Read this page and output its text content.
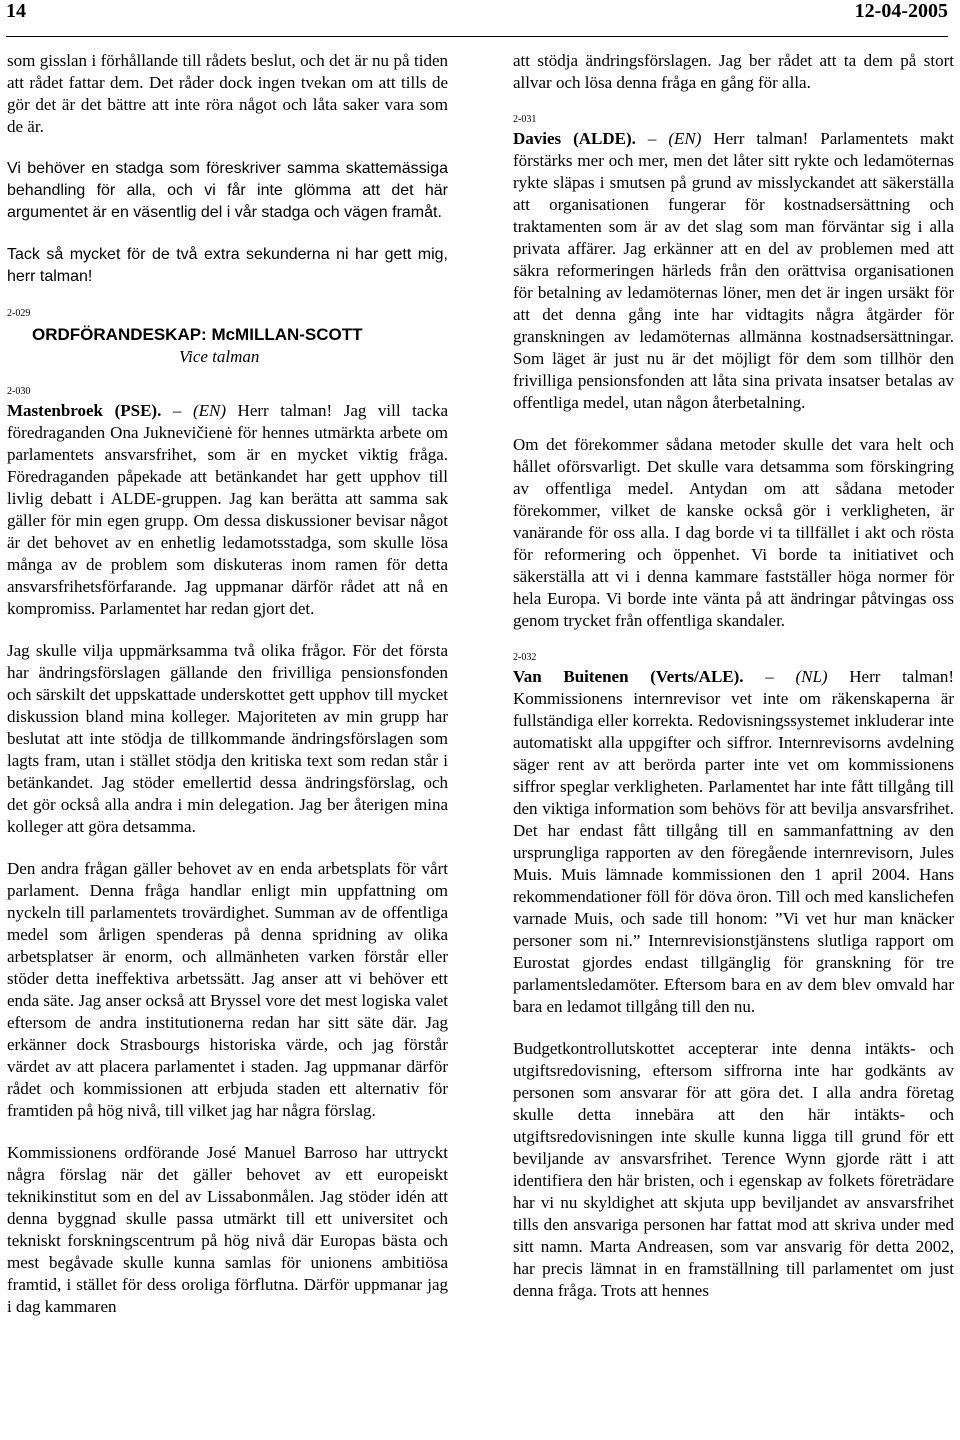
14	12-04-2005

som gisslan i förhållande till rådets beslut, och det är nu på tiden att rådet fattar dem. Det råder dock ingen tvekan om att tills de gör det är det bättre att inte röra något och låta saker vara som de är.

Vi behöver en stadga som föreskriver samma skattemässiga behandling för alla, och vi får inte glömma att det här argumentet är en väsentlig del i vår stadga och vägen framåt.

Tack så mycket för de två extra sekunderna ni har gett mig, herr talman!

2-029
ORDFÖRANDESKAP: McMILLAN-SCOTT
Vice talman
2-030

Mastenbroek (PSE). – (EN) Herr talman! Jag vill tacka föredraganden Ona Juknevičienė för hennes utmärkta arbete om parlamentets ansvarsfrihet, som är en mycket viktig fråga. Föredraganden påpekade att betänkandet har gett upphov till livlig debatt i ALDE-gruppen. Jag kan berätta att samma sak gäller för min egen grupp. Om dessa diskussioner bevisar något är det behovet av en enhetlig ledamotsstadga, som skulle lösa många av de problem som diskuteras inom ramen för detta ansvarsfrihetsförfarande. Jag uppmanar därför rådet att nå en kompromiss. Parlamentet har redan gjort det.

Jag skulle vilja uppmärksamma två olika frågor. För det första har ändringsförslagen gällande den frivilliga pensionsfonden och särskilt det uppskattade underskottet gett upphov till mycket diskussion bland mina kolleger. Majoriteten av min grupp har beslutat att inte stödja de tillkommande ändringsförslagen som lagts fram, utan i stället stödja den kritiska text som redan står i betänkandet. Jag stöder emellertid dessa ändringsförslag, och det gör också alla andra i min delegation. Jag ber återigen mina kolleger att göra detsamma.

Den andra frågan gäller behovet av en enda arbetsplats för vårt parlament. Denna fråga handlar enligt min uppfattning om nyckeln till parlamentets trovärdighet. Summan av de offentliga medel som årligen spenderas på denna spridning av olika arbetsplatser är enorm, och allmänheten varken förstår eller stöder detta ineffektiva arbetssätt. Jag anser att vi behöver ett enda säte. Jag anser också att Bryssel vore det mest logiska valet eftersom de andra institutionerna redan har sitt säte där. Jag erkänner dock Strasbourgs historiska värde, och jag förstår värdet av att placera parlamentet i staden. Jag uppmanar därför rådet och kommissionen att erbjuda staden ett alternativ för framtiden på hög nivå, till vilket jag har några förslag.

Kommissionens ordförande José Manuel Barroso har uttryckt några förslag när det gäller behovet av ett europeiskt teknikinstitut som en del av Lissabonmålen. Jag stöder idén att denna byggnad skulle passa utmärkt till ett universitet och tekniskt forskningscentrum på hög nivå där Europas bästa och mest begåvade skulle kunna samlas för unionens ambitiösa framtid, i stället för dess oroliga förflutna. Därför uppmanar jag i dag kammaren

att stödja ändringsförslagen. Jag ber rådet att ta dem på stort allvar och lösa denna fråga en gång för alla.

2-031

Davies (ALDE). – (EN) Herr talman! Parlamentets makt förstärks mer och mer, men det låter sitt rykte och ledamöternas rykte släpas i smutsen på grund av misslyckandet att säkerställa att organisationen fungerar för kostnadsersättning och traktamenten som är av det slag som man förväntar sig i alla privata affärer. Jag erkänner att en del av problemen med att säkra reformeringen härleds från den orättvisa organisationen för betalning av ledamöternas löner, men det är ingen ursäkt för att det denna gång inte har vidtagits några åtgärder för granskningen av ledamöternas allmänna kostnadsersättningar. Som läget är just nu är det möjligt för dem som tillhör den frivilliga pensionsfonden att låta sina privata insatser betalas av offentliga medel, utan någon återbetalning.

Om det förekommer sådana metoder skulle det vara helt och hållet oförsvarligt. Det skulle vara detsamma som förskingring av offentliga medel. Antydan om att sådana metoder förekommer, vilket de kanske också gör i verkligheten, är vanärande för oss alla. I dag borde vi ta tillfället i akt och rösta för reformering och öppenhet. Vi borde ta initiativet och säkerställa att vi i denna kammare fastställer höga normer för hela Europa. Vi borde inte vänta på att ändringar påtvingas oss genom trycket från offentliga skandaler.

2-032

Van Buitenen (Verts/ALE). – (NL) Herr talman! Kommissionens internrevisor vet inte om räkenskaperna är fullständiga eller korrekta. Redovisningssystemet inkluderar inte automatiskt alla uppgifter och siffror. Internrevisorns avdelning säger rent av att berörda parter inte vet om kommissionens siffror speglar verkligheten. Parlamentet har inte fått tillgång till den viktiga information som behövs för att bevilja ansvarsfrihet. Det har endast fått tillgång till en sammanfattning av den ursprungliga rapporten av den föregående internrevisorn, Jules Muis. Muis lämnade kommissionen den 1 april 2004. Hans rekommendationer föll för döva öron. Till och med kanslichefen varnade Muis, och sade till honom: ”Vi vet hur man knäcker personer som ni.” Internrevisionstjänstens slutliga rapport om Eurostat gjordes endast tillgänglig för granskning för tre parlamentsledamöter. Eftersom bara en av dem blev omvald har bara en ledamot tillgång till den nu.

Budgetkontrollutskottet accepterar inte denna intäkts- och utgiftsredovisning, eftersom siffrorna inte har godkänts av personen som ansvarar för att göra det. I alla andra företag skulle detta innebära att den här intäkts- och utgiftsredovisningen inte skulle kunna ligga till grund för ett beviljande av ansvarsfrihet. Terence Wynn gjorde rätt i att identifiera den här bristen, och i egenskap av folkets företrädare har vi nu skyldighet att skjuta upp beviljandet av ansvarsfrihet tills den ansvariga personen har fattat mod att skriva under med sitt namn. Marta Andreasen, som var ansvarig för detta 2002, har precis lämnat in en framställning till parlamentet om just denna fråga. Trots att hennes
